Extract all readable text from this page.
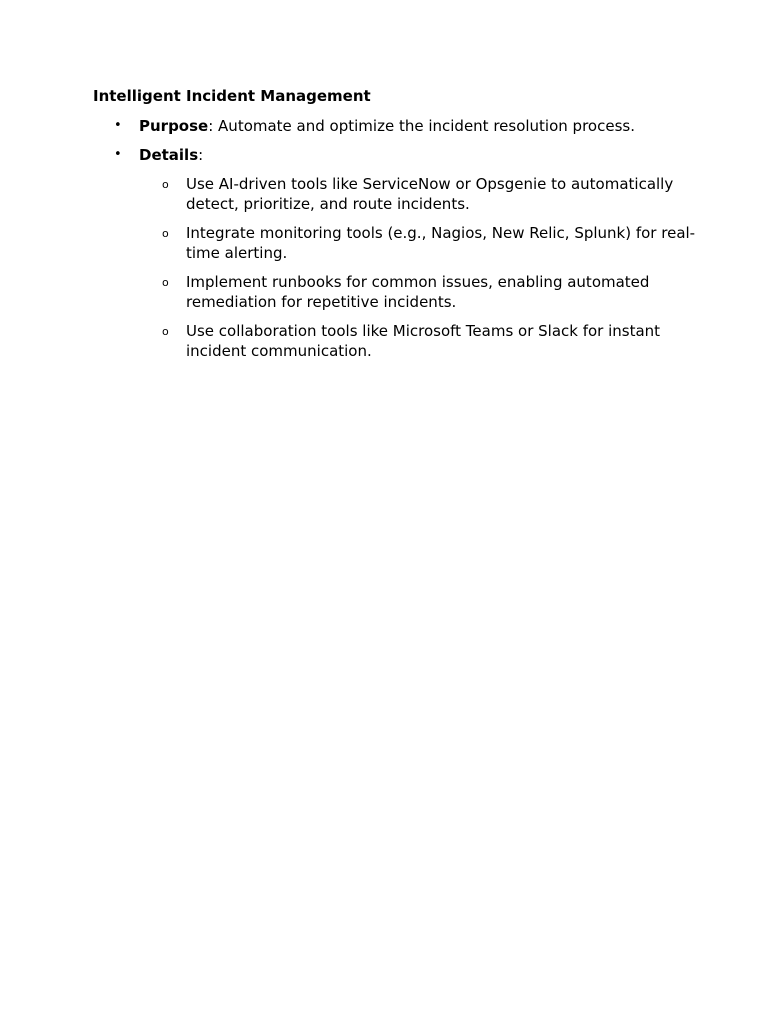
Intelligent Incident Management
• Purpose: Automate and optimize the incident resolution process.
• Details:
o Use AI-driven tools like ServiceNow or Opsgenie to automatically detect, prioritize, and route incidents.
o Integrate monitoring tools (e.g., Nagios, New Relic, Splunk) for real-time alerting.
o Implement runbooks for common issues, enabling automated remediation for repetitive incidents.
o Use collaboration tools like Microsoft Teams or Slack for instant incident communication.
